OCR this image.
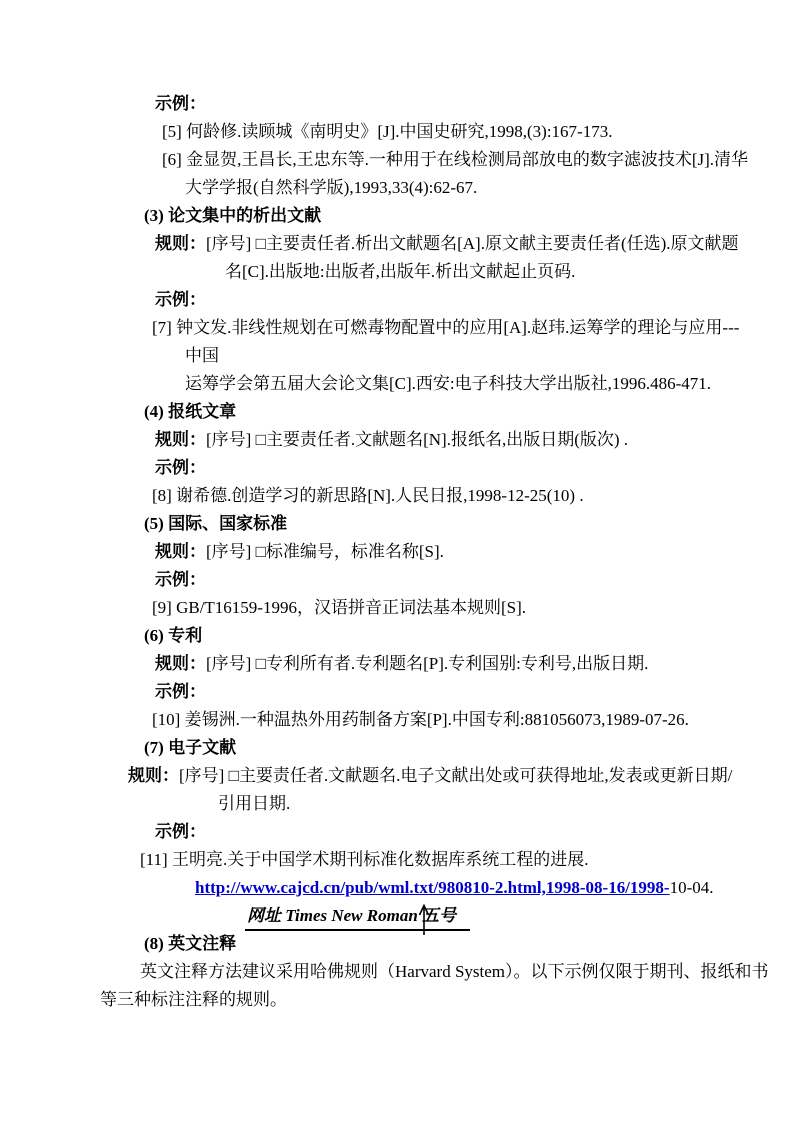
示例：
[5] 何龄修.读顾城《南明史》[J].中国史研究,1998,(3):167-173.
[6] 金显贺,王昌长,王忠东等.一种用于在线检测局部放电的数字滤波技术[J].清华
大学学报(自然科学版),1993,33(4):62-67.
(3) 论文集中的析出文献
规则：[序号] □主要责任者.析出文献题名[A].原文献主要责任者(任选).原文献题
名[C].出版地:出版者,出版年.析出文献起止页码.
示例：
[7] 钟文发.非线性规划在可燃毒物配置中的应用[A].赵玮.运筹学的理论与应用---
中国
运筹学会第五届大会论文集[C].西安:电子科技大学出版社,1996.486-471.
(4) 报纸文章
规则：[序号] □主要责任者.文献题名[N].报纸名,出版日期(版次) .
示例：
[8] 谢希德.创造学习的新思路[N].人民日报,1998-12-25(10) .
(5) 国际、国家标准
规则：[序号] □标准编号，标准名称[S].
示例：
[9] GB/T16159-1996，汉语拼音正词法基本规则[S].
(6) 专利
规则：[序号] □专利所有者.专利题名[P].专利国别:专利号,出版日期.
示例：
[10] 姜锡洲.一种温热外用药制备方案[P].中国专利:881056073,1989-07-26.
(7) 电子文献
规则：[序号] □主要责任者.文献题名.电子文献出处或可获得地址,发表或更新日期/
引用日期.
示例：
[11] 王明亮.关于中国学术期刊标准化数据库系统工程的进展.
http://www.cajcd.cn/pub/wml.txt/980810-2.html,1998-08-16/1998-10-04.
网址 Times New Roman 五号
(8) 英文注释
英文注释方法建议采用哈佛规则（Harvard System）。以下示例仅限于期刊、报纸和书
等三种标注注释的规则。
